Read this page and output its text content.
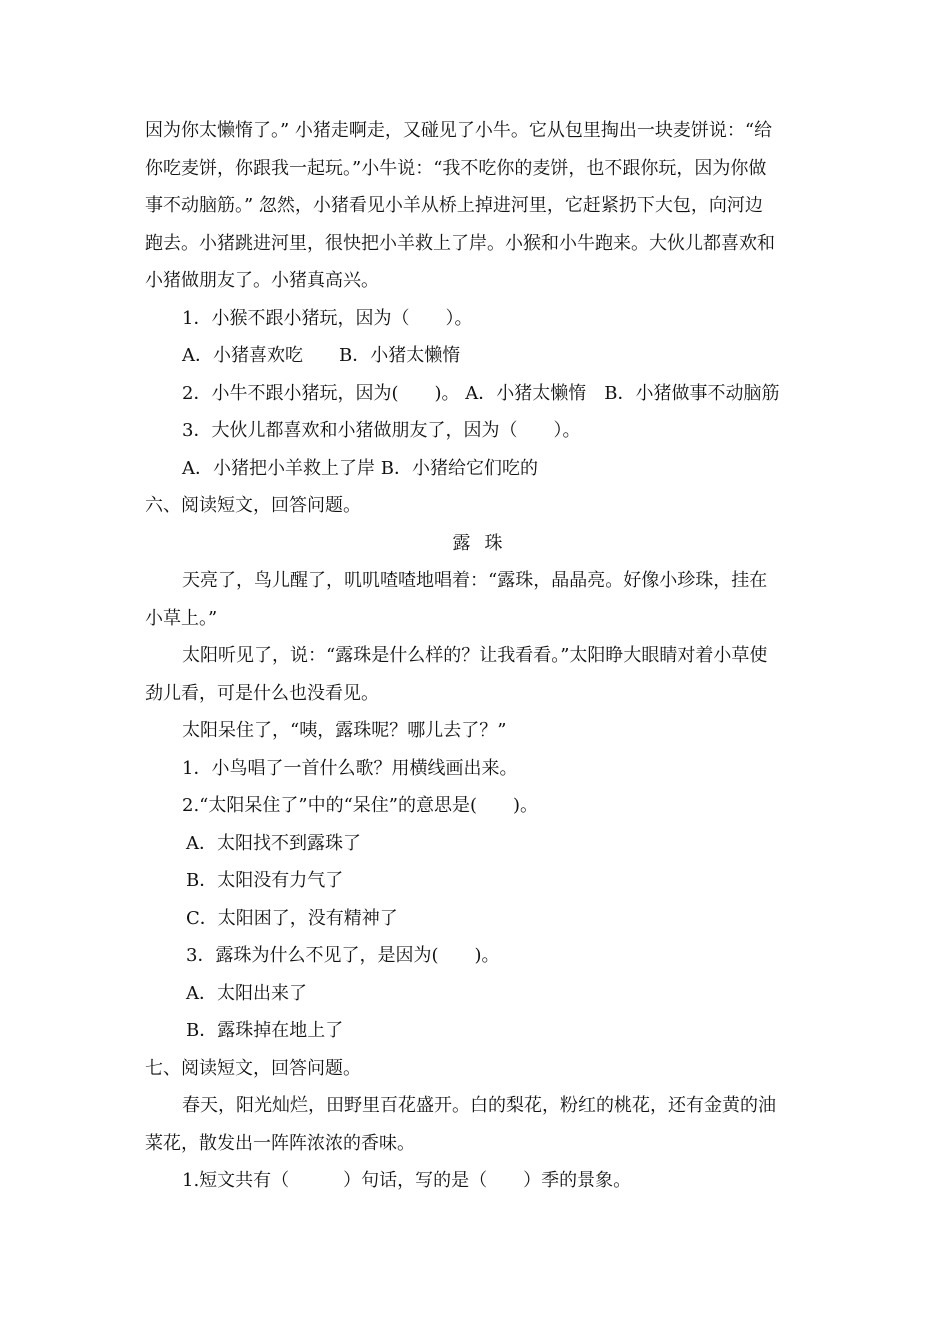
因为你太懒惰了。” 小猪走啊走，又碰见了小牛。它从包里掏出一块麦饼说：“给
你吃麦饼，你跟我一起玩。”小牛说：“我不吃你的麦饼，也不跟你玩，因为你做
事不动脑筋。” 忽然，小猪看见小羊从桥上掉进河里，它赶紧扔下大包，向河边
跑去。小猪跳进河里，很快把小羊救上了岸。小猴和小牛跑来。大伙儿都喜欢和
小猪做朋友了。小猪真高兴。
1．小猴不跟小猪玩，因为（　　）。
A．小猪喜欢吃　　B．小猪太懒惰
2．小牛不跟小猪玩，因为(　　)。 A．小猪太懒惰　B．小猪做事不动脑筋
3．大伙儿都喜欢和小猪做朋友了，因为（　　）。
A．小猪把小羊救上了岸 B．小猪给它们吃的
六、阅读短文，回答问题。
露珠
天亮了，鸟儿醒了，叽叽喳喳地唱着：“露珠，晶晶亮。好像小珍珠，挂在
小草上。”
太阳听见了，说：“露珠是什么样的？让我看看。”太阳睁大眼睛对着小草使
劲儿看，可是什么也没看见。
太阳呆住了，“咦，露珠呢？哪儿去了？”
1．小鸟唱了一首什么歌？用横线画出来。
2.“太阳呆住了”中的“呆住”的意思是(　　)。
A．太阳找不到露珠了
B．太阳没有力气了
C．太阳困了，没有精神了
3．露珠为什么不见了，是因为(　　)。
A．太阳出来了
B．露珠掉在地上了
七、阅读短文，回答问题。
春天，阳光灿烂，田野里百花盛开。白的梨花，粉红的桃花，还有金黄的油
菜花，散发出一阵阵浓浓的香味。
1.短文共有（　　　）句话，写的是（　　）季的景象。
